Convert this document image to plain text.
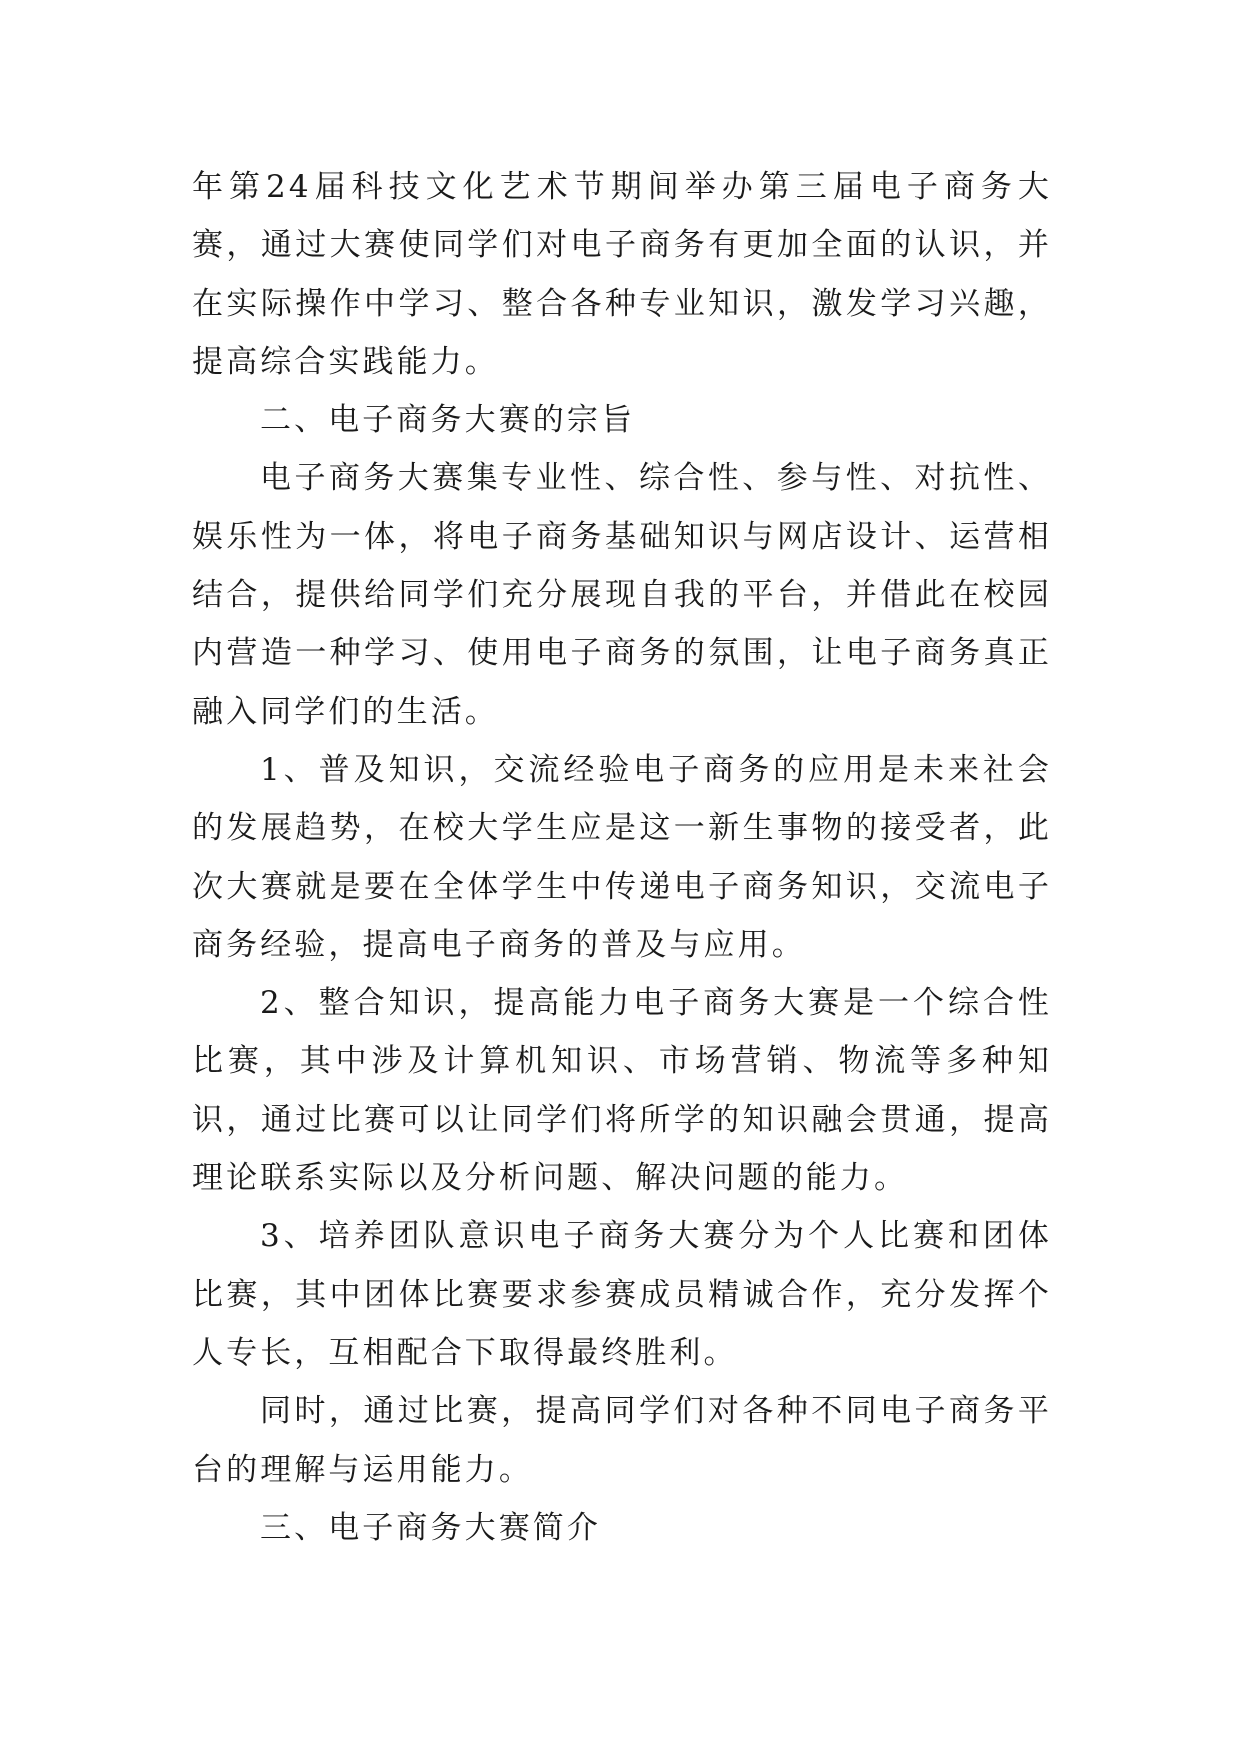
年第24届科技文化艺术节期间举办第三届电子商务大赛，通过大赛使同学们对电子商务有更加全面的认识，并在实际操作中学习、整合各种专业知识，激发学习兴趣，提高综合实践能力。

二、电子商务大赛的宗旨

电子商务大赛集专业性、综合性、参与性、对抗性、娱乐性为一体，将电子商务基础知识与网店设计、运营相结合，提供给同学们充分展现自我的平台，并借此在校园内营造一种学习、使用电子商务的氛围，让电子商务真正融入同学们的生活。

1、普及知识，交流经验电子商务的应用是未来社会的发展趋势，在校大学生应是这一新生事物的接受者，此次大赛就是要在全体学生中传递电子商务知识，交流电子商务经验，提高电子商务的普及与应用。

2、整合知识，提高能力电子商务大赛是一个综合性比赛，其中涉及计算机知识、市场营销、物流等多种知识，通过比赛可以让同学们将所学的知识融会贯通，提高理论联系实际以及分析问题、解决问题的能力。

3、培养团队意识电子商务大赛分为个人比赛和团体比赛，其中团体比赛要求参赛成员精诚合作，充分发挥个人专长，互相配合下取得最终胜利。

同时，通过比赛，提高同学们对各种不同电子商务平台的理解与运用能力。

三、电子商务大赛简介
